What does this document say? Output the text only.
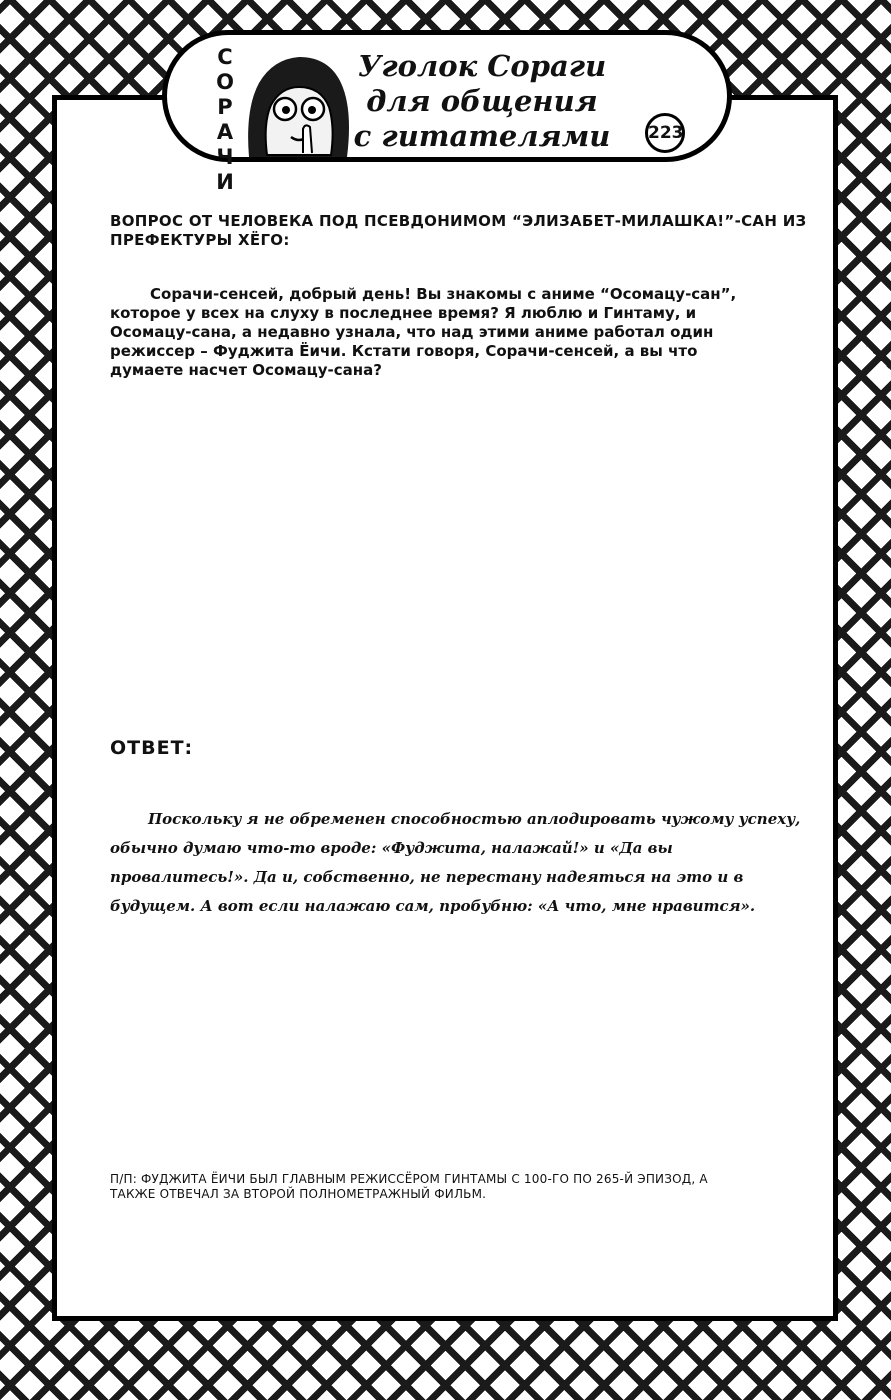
СОРАЧИ	Уголок Сораги
для общения
с гитателями 223
ВОПРОС ОТ ЧЕЛОВЕКА ПОД ПСЕВДОНИМОМ “ЭЛИЗАБЕТ-МИЛАШКА!”-САН ИЗ ПРЕФЕКТУРЫ ХЁГО:
Сорачи-сенсей, добрый день! Вы знакомы с аниме “Осомацу-сан”, которое у всех на слуху в последнее время? Я люблю и Гинтаму, и Осомацу-сана, а недавно узнала, что над этими аниме работал один режиссер – Фуджита Ёичи. Кстати говоря, Сорачи-сенсей, а вы что думаете насчет Осомацу-сана?
ОТВЕТ:
Поскольку я не обременен способностью аплодировать чужому успеху, обычно думаю что-то вроде: «Фуджита, налажай!» и «Да вы провалитесь!». Да и, собственно, не перестану надеяться на это и в будущем. А вот если налажаю сам, пробубню: «А что, мне нравится».
П/П: ФУДЖИТА ЁИЧИ БЫЛ ГЛАВНЫМ РЕЖИССЁРОМ ГИНТАМЫ С 100-ГО ПО 265-Й ЭПИЗОД, А ТАКЖЕ ОТВЕЧАЛ ЗА ВТОРОЙ ПОЛНОМЕТРАЖНЫЙ ФИЛЬМ.
